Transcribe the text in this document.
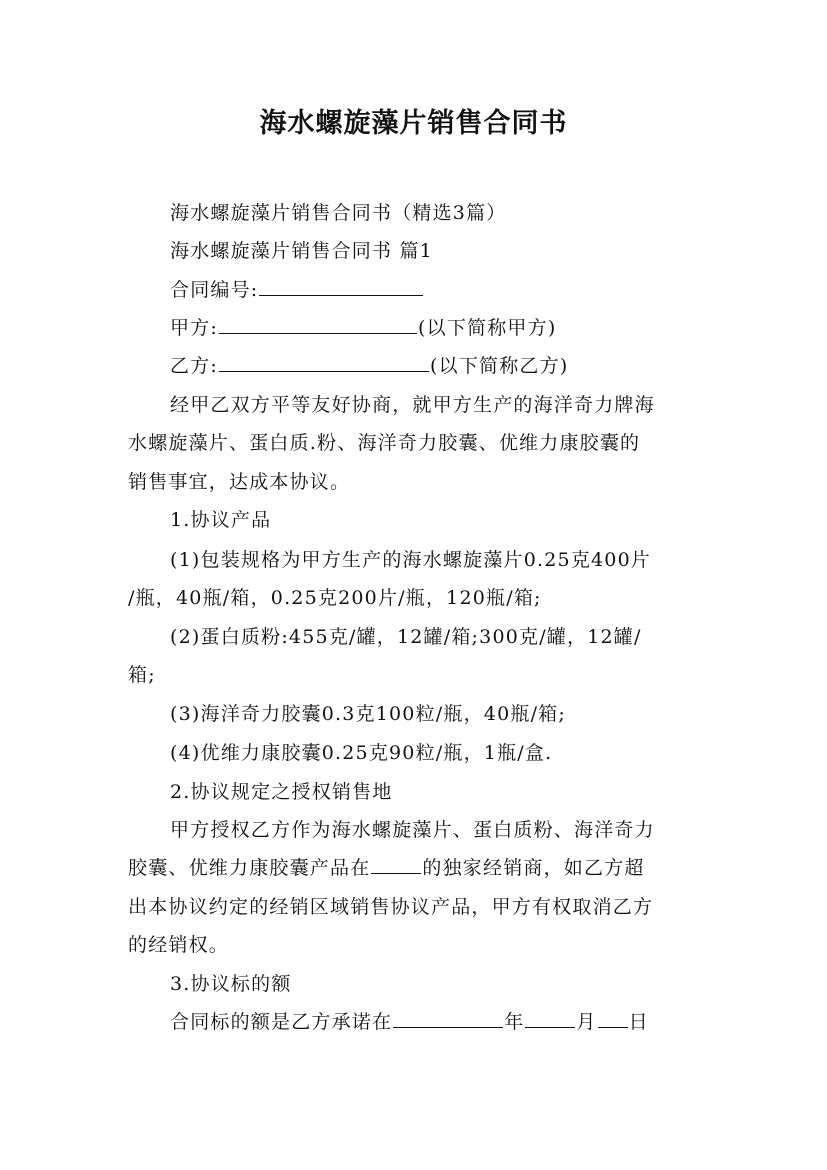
海水螺旋藻片销售合同书
海水螺旋藻片销售合同书（精选3篇）
海水螺旋藻片销售合同书 篇1
合同编号:
甲方:	(以下简称甲方)
乙方:	(以下简称乙方)
经甲乙双方平等友好协商，就甲方生产的海洋奇力牌海
水螺旋藻片、蛋白质.粉、海洋奇力胶囊、优维力康胶囊的
销售事宜，达成本协议。
1.协议产品
(1)包装规格为甲方生产的海水螺旋藻片0.25克400片
/瓶，40瓶/箱，0.25克200片/瓶，120瓶/箱;
(2)蛋白质粉:455克/罐，12罐/箱;300克/罐，12罐/
箱;
(3)海洋奇力胶囊0.3克100粒/瓶，40瓶/箱;
(4)优维力康胶囊0.25克90粒/瓶，1瓶/盒.
2.协议规定之授权销售地
甲方授权乙方作为海水螺旋藻片、蛋白质粉、海洋奇力
胶囊、优维力康胶囊产品在	的独家经销商，如乙方超
出本协议约定的经销区域销售协议产品，甲方有权取消乙方
的经销权。
3.协议标的额
合同标的额是乙方承诺在	年	月 日
